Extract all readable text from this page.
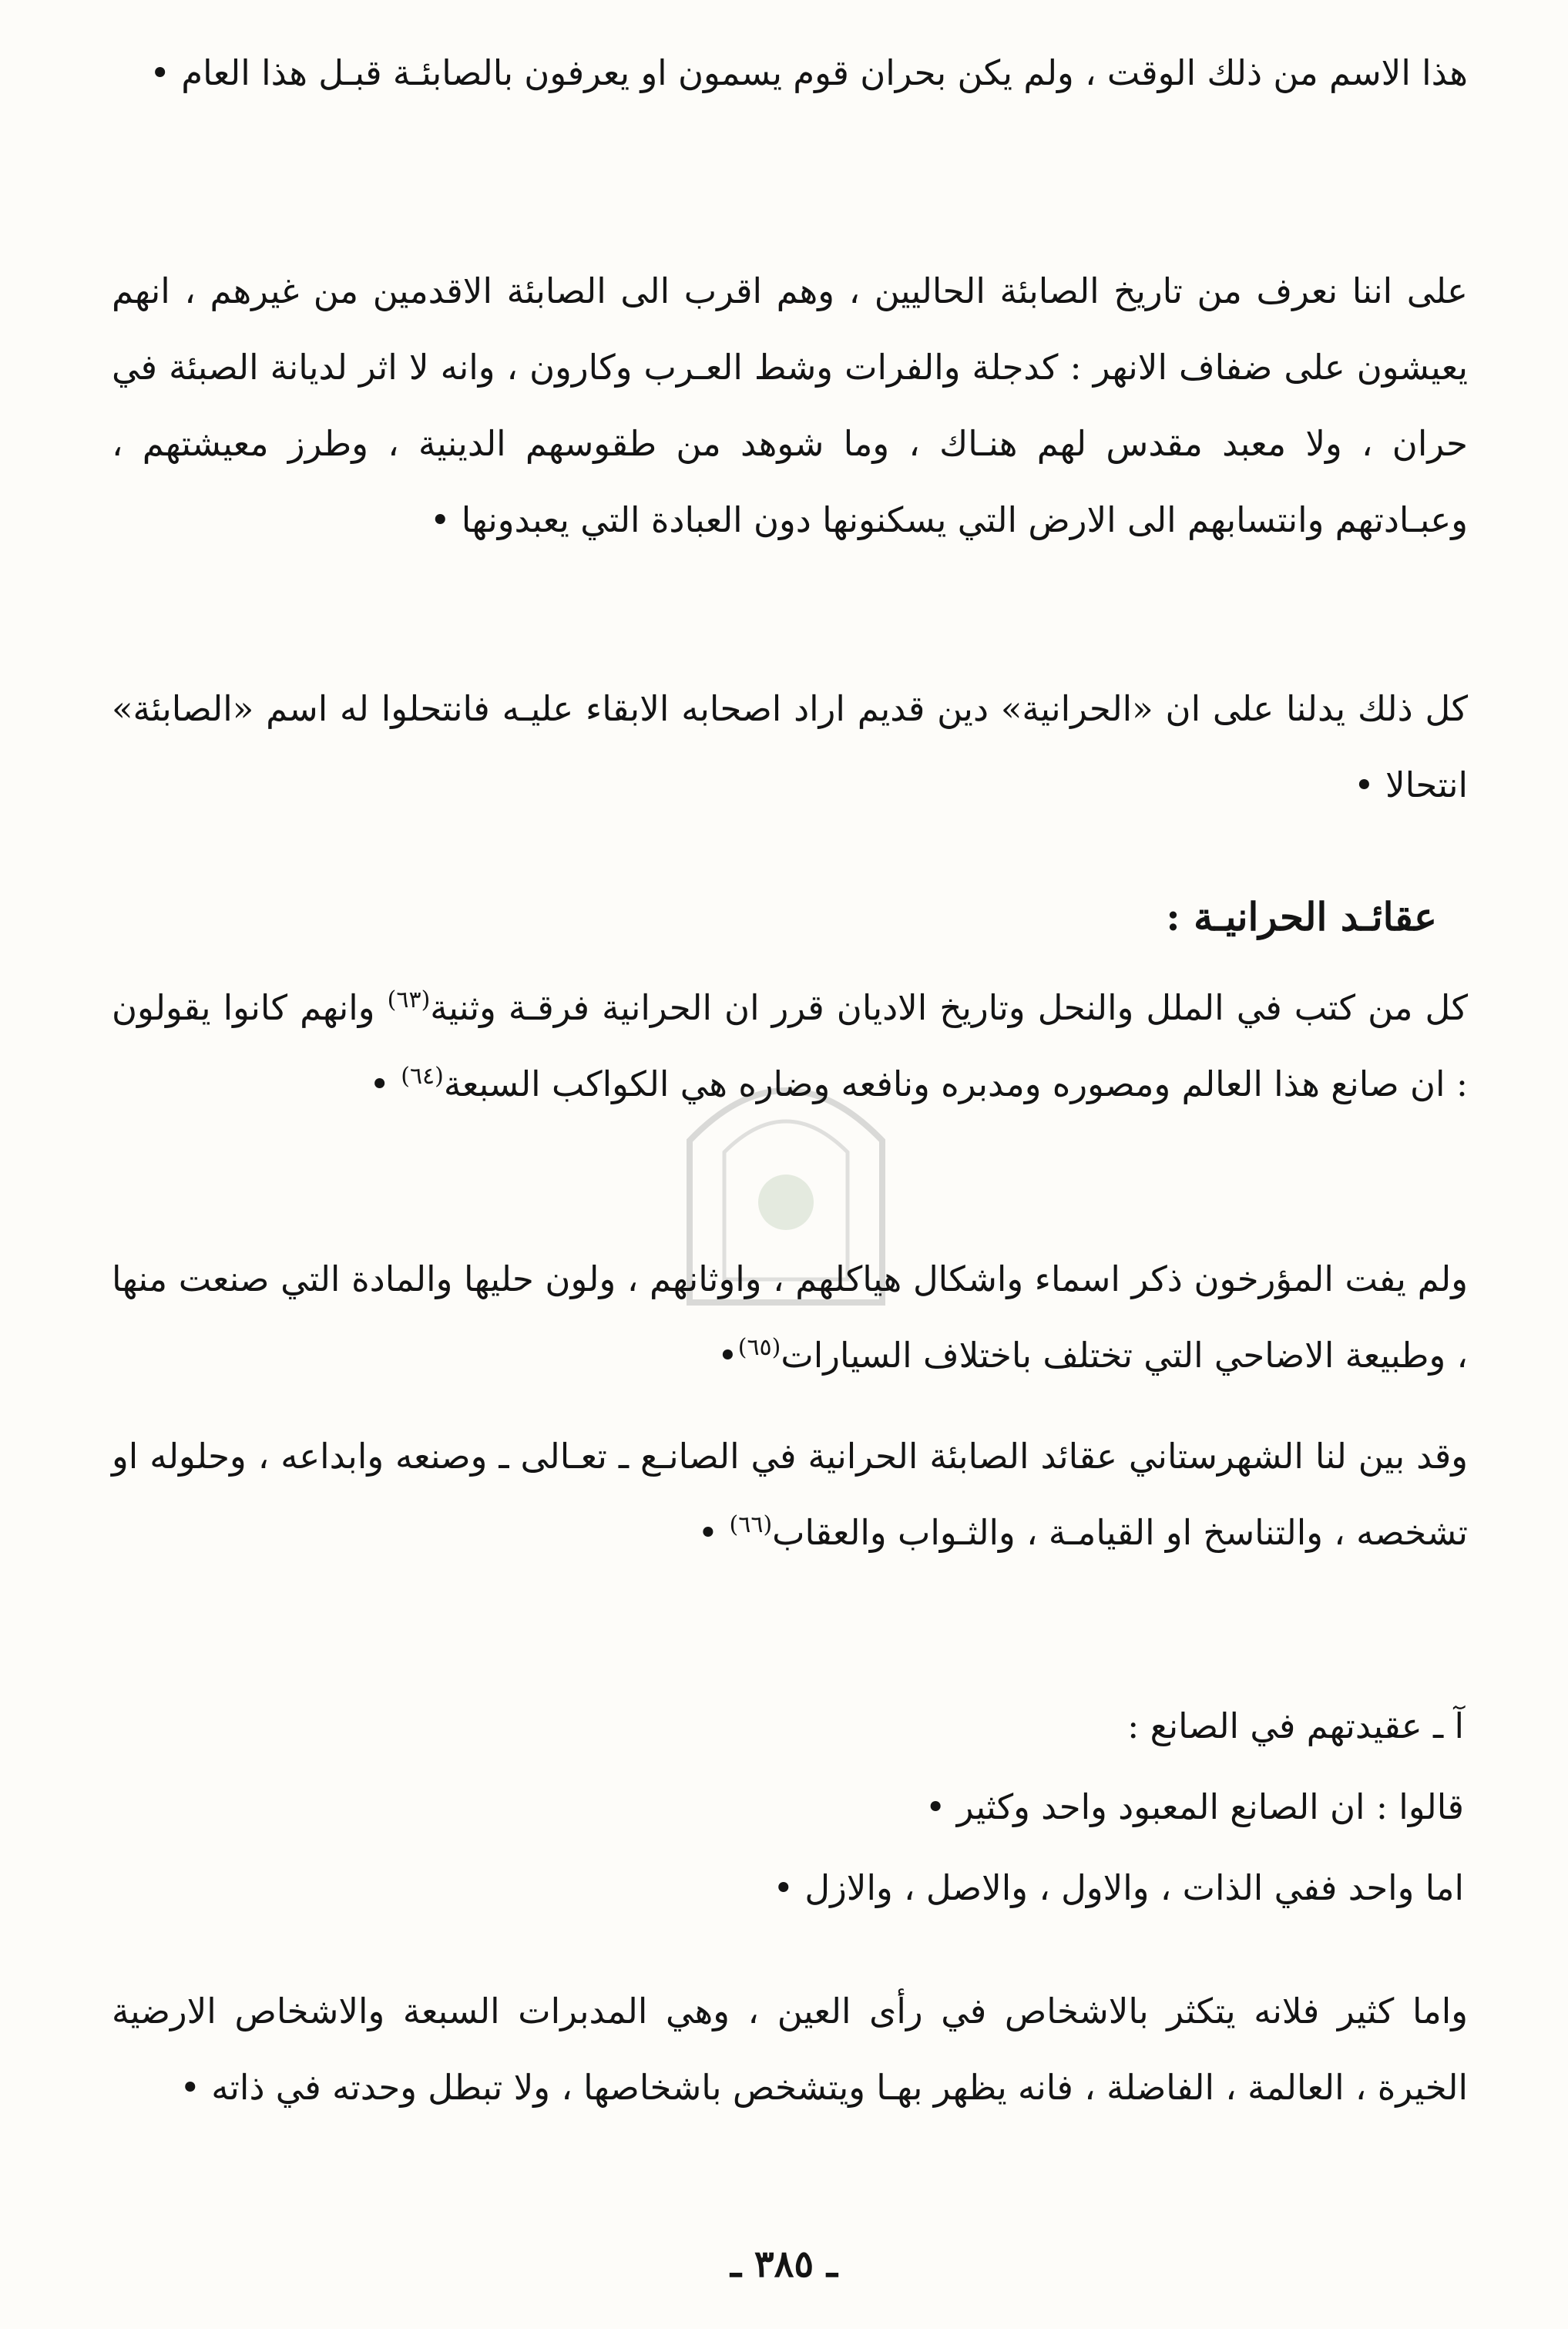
هذا الاسم من ذلك الوقت ، ولم يكن بحران قوم يسمون او يعرفون بالصابئـة قبـل هذا العام •

على اننا نعرف من تاريخ الصابئة الحاليين ، وهم اقرب الى الصابئة الاقدمين من غيرهم ، انهم يعيشون على ضفاف الانهر : كدجلة والفرات وشط العـرب وكارون ، وانه لا اثر لديانة الصبئة في حران ، ولا معبد مقدس لهم هنـاك ، وما شوهد من طقوسهم الدينية ، وطرز معيشتهم ، وعبـادتهم وانتسابهم الى الارض التي يسكنونها دون العبادة التي يعبدونها •

كل ذلك يدلنا على ان «الحرانية» دين قديم اراد اصحابه الابقاء عليـه فانتحلوا له اسم «الصابئة» انتحالا •

عقائـد الحرانيـة :

كل من كتب في الملل والنحل وتاريخ الاديان قرر ان الحرانية فرقـة وثنية$^{(٦٣)}$ وانهم كانوا يقولون : ان صانع هذا العالم ومصوره ومدبره ونافعه وضاره هي الكواكب السبعة$^{(٦٤)}$ •

ولم يفت المؤرخون ذكر اسماء واشكال هياكلهم ، واوثانهم ، ولون حليها والمادة التي صنعت منها ، وطبيعة الاضاحي التي تختلف باختلاف السيارات$^{(٦٥)}$•

وقد بين لنا الشهرستاني عقائد الصابئة الحرانية في الصانـع ـ تعـالى ـ وصنعه وابداعه ، وحلوله او تشخصه ، والتناسخ او القيامـة ، والثـواب والعقاب$^{(٦٦)}$ •

آ ـ عقيدتهم في الصانع :
قالوا : ان الصانع المعبود واحد وكثير •
اما واحد ففي الذات ، والاول ، والاصل ، والازل •

واما كثير فلانه يتكثر بالاشخاص في رأى العين ، وهي المدبرات السبعة والاشخاص الارضية الخيرة ، العالمة ، الفاضلة ، فانه يظهر بهـا ويتشخص باشخاصها ، ولا تبطل وحدته في ذاته •

ـ ٣٨٥ ـ
